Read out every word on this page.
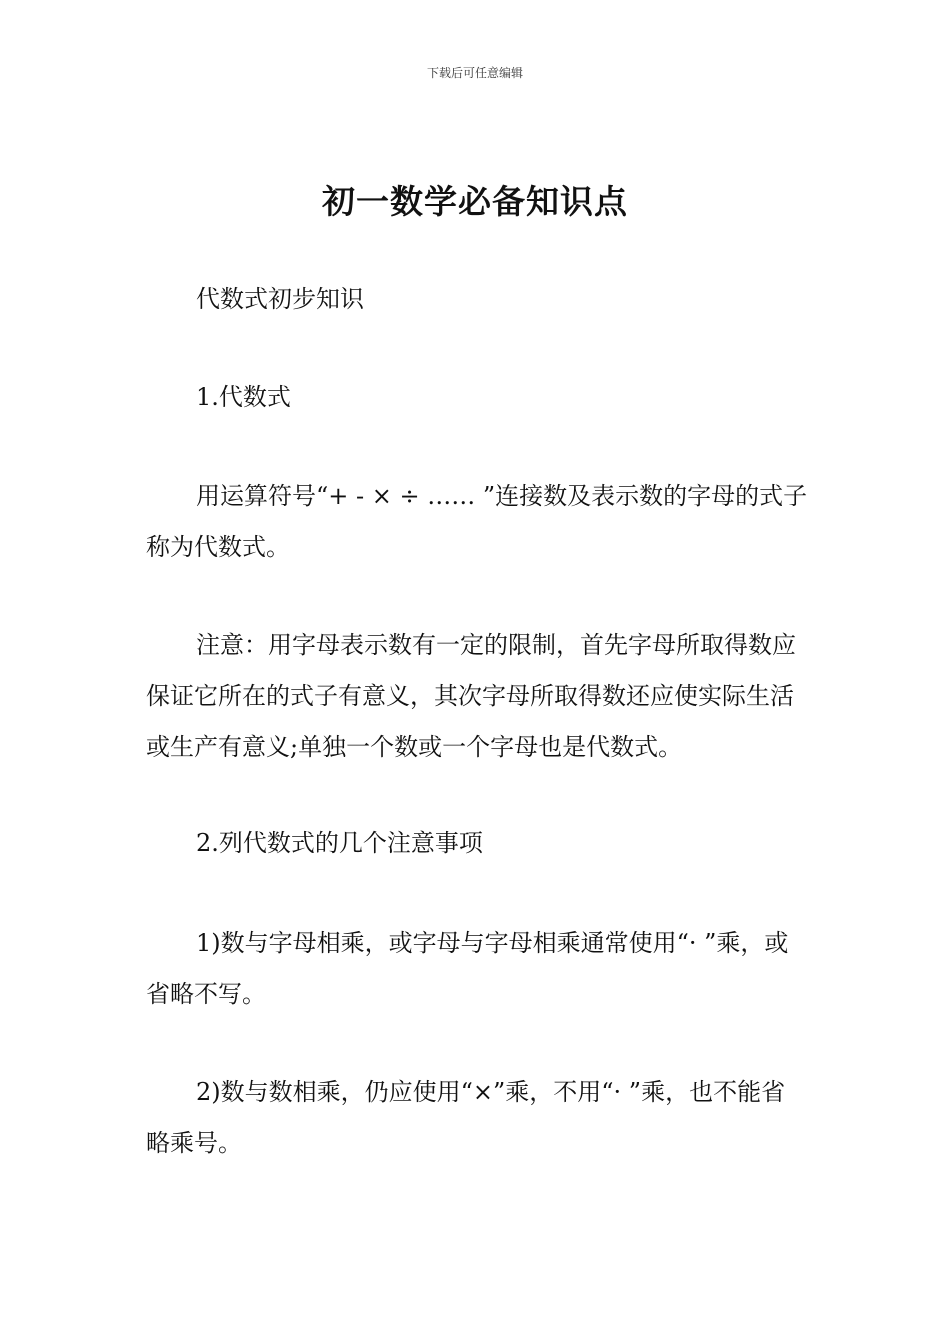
下载后可任意编辑
初一数学必备知识点

代数式初步知识

1.代数式

用运算符号“+ - × ÷ …… ”连接数及表示数的字母的式子称为代数式。

注意：用字母表示数有一定的限制，首先字母所取得数应保证它所在的式子有意义，其次字母所取得数还应使实际生活或生产有意义;单独一个数或一个字母也是代数式。

2.列代数式的几个注意事项

1)数与字母相乘，或字母与字母相乘通常使用“· ”乘，或省略不写。

2)数与数相乘，仍应使用“×”乘，不用“· ”乘，也不能省略乘号。
